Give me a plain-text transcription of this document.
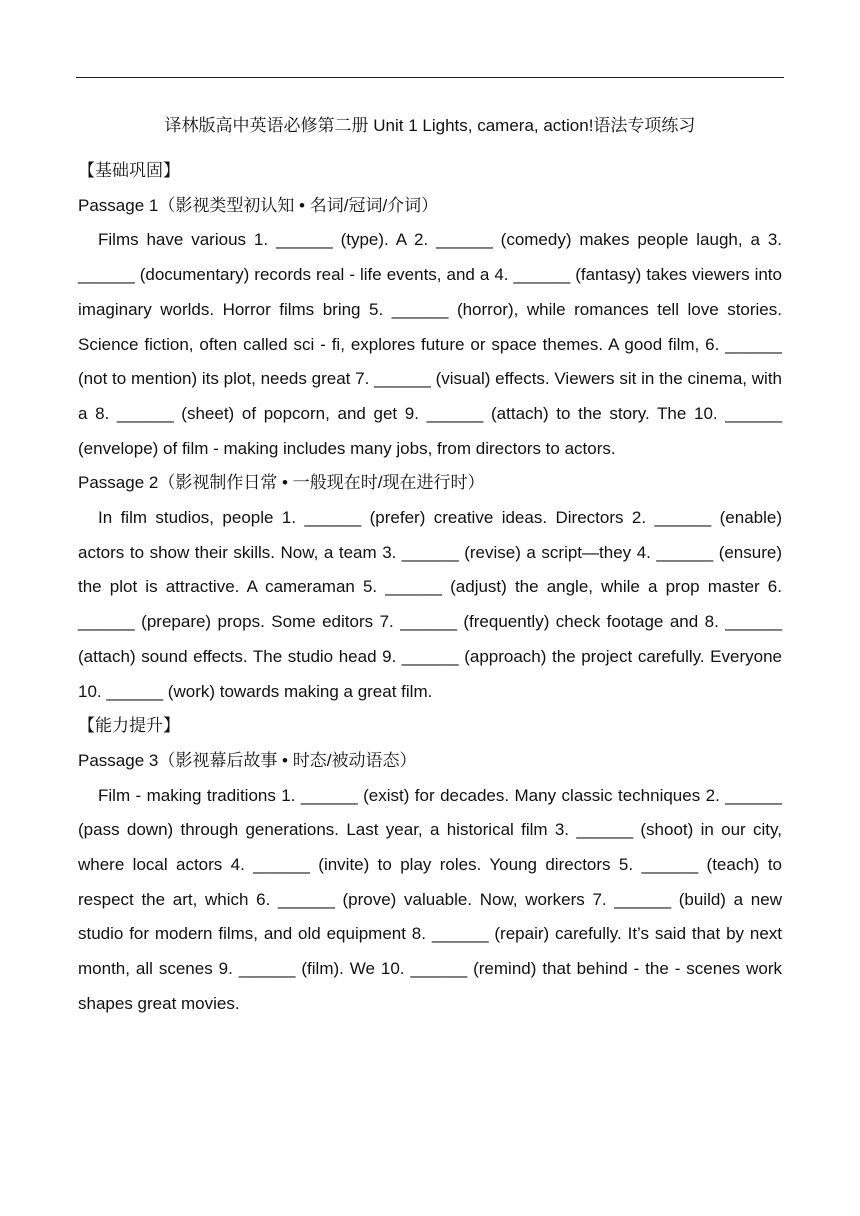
译林版高中英语必修第二册 Unit 1 Lights, camera, action!语法专项练习

【基础巩固】

Passage 1（影视类型初认知 • 名词/冠词/介词）

Films have various 1. ______ (type). A 2. ______ (comedy) makes people laugh, a 3. ______ (documentary) records real - life events, and a 4. ______ (fantasy) takes viewers into imaginary worlds. Horror films bring 5. ______ (horror), while romances tell love stories. Science fiction, often called sci - fi, explores future or space themes. A good film, 6. ______ (not to mention) its plot, needs great 7. ______ (visual) effects. Viewers sit in the cinema, with a 8. ______ (sheet) of popcorn, and get 9. ______ (attach) to the story. The 10. ______ (envelope) of film - making includes many jobs, from directors to actors.

Passage 2（影视制作日常 • 一般现在时/现在进行时）

In film studios, people 1. ______ (prefer) creative ideas. Directors 2. ______ (enable) actors to show their skills. Now, a team 3. ______ (revise) a script—they 4. ______ (ensure) the plot is attractive. A cameraman 5. ______ (adjust) the angle, while a prop master 6. ______ (prepare) props. Some editors 7. ______ (frequently) check footage and 8. ______ (attach) sound effects. The studio head 9. ______ (approach) the project carefully. Everyone 10. ______ (work) towards making a great film.

【能力提升】

Passage 3（影视幕后故事 • 时态/被动语态）

Film - making traditions 1. ______ (exist) for decades. Many classic techniques 2. ______ (pass down) through generations. Last year, a historical film 3. ______ (shoot) in our city, where local actors 4. ______ (invite) to play roles. Young directors 5. ______ (teach) to respect the art, which 6. ______ (prove) valuable. Now, workers 7. ______ (build) a new studio for modern films, and old equipment 8. ______ (repair) carefully. It’s said that by next month, all scenes 9. ______ (film). We 10. ______ (remind) that behind - the - scenes work shapes great movies.
